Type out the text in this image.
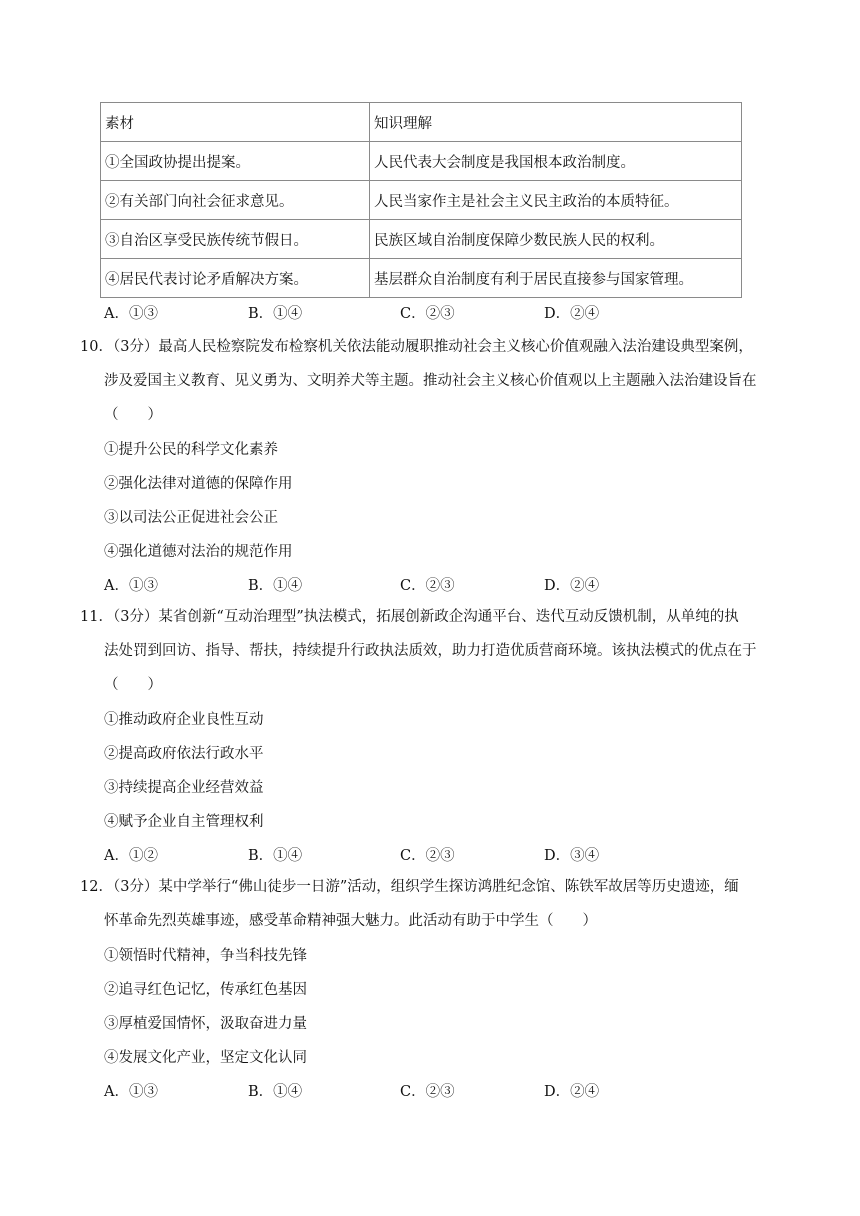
素材	知识理解
①全国政协提出提案。	人民代表大会制度是我国根本政治制度。
②有关部门向社会征求意见。	人民当家作主是社会主义民主政治的本质特征。
③自治区享受民族传统节假日。	民族区域自治制度保障少数民族人民的权利。
④居民代表讨论矛盾解决方案。	基层群众自治制度有利于居民直接参与国家管理。
A．①③	B．①④	C．②③	D．②④
10．（3分）最高人民检察院发布检察机关依法能动履职推动社会主义核心价值观融入法治建设典型案例，
涉及爱国主义教育、见义勇为、文明养犬等主题。推动社会主义核心价值观以上主题融入法治建设旨在
（　　）
①提升公民的科学文化素养
②强化法律对道德的保障作用
③以司法公正促进社会公正
④强化道德对法治的规范作用
A．①③	B．①④	C．②③	D．②④
11．（3分）某省创新“互动治理型”执法模式，拓展创新政企沟通平台、迭代互动反馈机制，从单纯的执
法处罚到回访、指导、帮扶，持续提升行政执法质效，助力打造优质营商环境。该执法模式的优点在于
（　　）
①推动政府企业良性互动
②提高政府依法行政水平
③持续提高企业经营效益
④赋予企业自主管理权利
A．①②	B．①④	C．②③	D．③④
12．（3分）某中学举行“佛山徒步一日游”活动，组织学生探访鸿胜纪念馆、陈铁军故居等历史遗迹，缅
怀革命先烈英雄事迹，感受革命精神强大魅力。此活动有助于中学生（　　）
①领悟时代精神，争当科技先锋
②追寻红色记忆，传承红色基因
③厚植爱国情怀，汲取奋进力量
④发展文化产业，坚定文化认同
A．①③	B．①④	C．②③	D．②④
